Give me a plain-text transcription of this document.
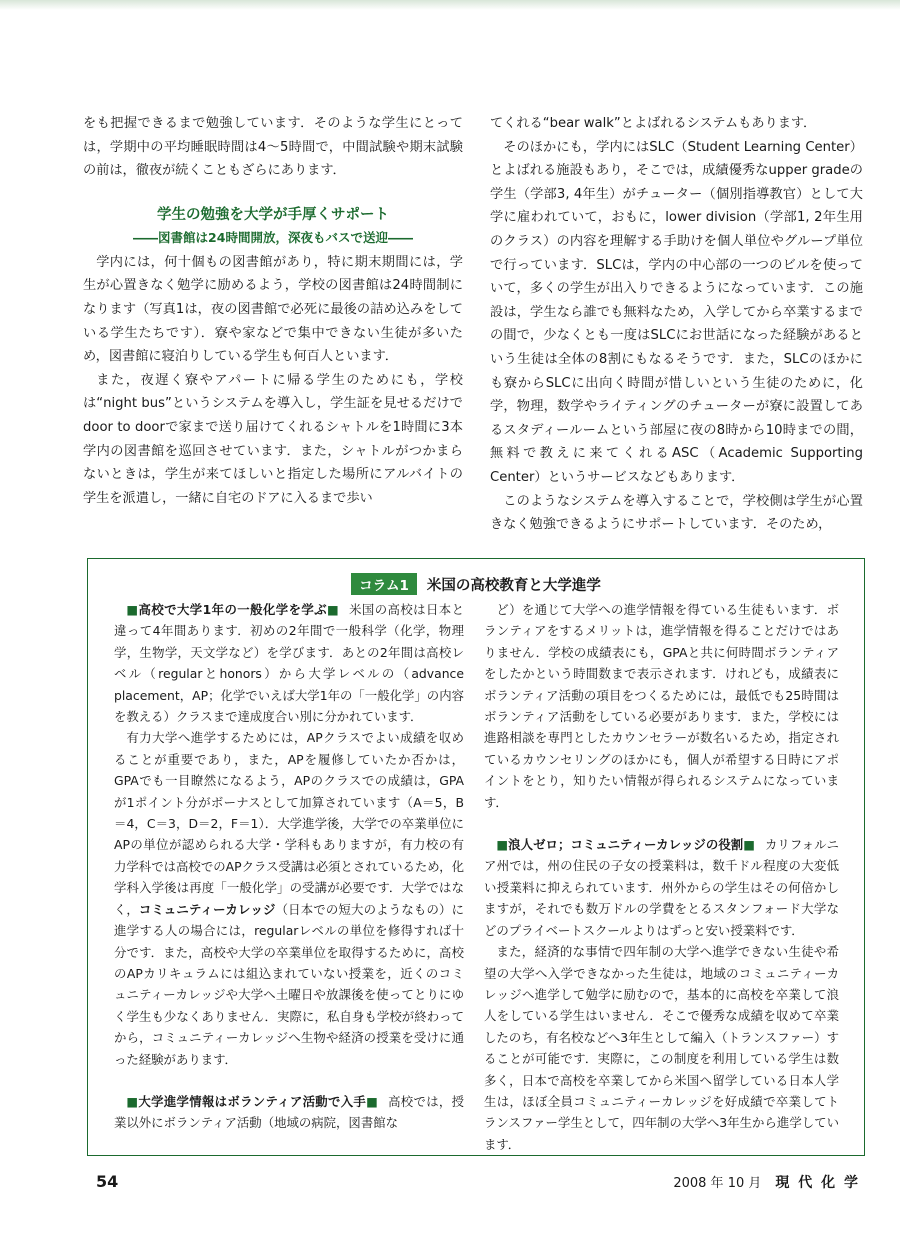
をも把握できるまで勉強しています．そのような学生にとっては，学期中の平均睡眠時間は4～5時間で，中間試験や期末試験の前は，徹夜が続くこともざらにあります．

学生の勉強を大学が手厚くサポート
――図書館は24時間開放，深夜もバスで送迎――

学内には，何十個もの図書館があり，特に期末期間には，学生が心置きなく勉学に励めるよう，学校の図書館は24時間制になります（写真1は，夜の図書館で必死に最後の詰め込みをしている学生たちです）．寮や家などで集中できない生徒が多いため，図書館に寝泊りしている学生も何百人といます．

また，夜遅く寮やアパートに帰る学生のためにも，学校は“night bus”というシステムを導入し，学生証を見せるだけでdoor to doorで家まで送り届けてくれるシャトルを1時間に3本学内の図書館を巡回させています．また，シャトルがつかまらないときは，学生が来てほしいと指定した場所にアルバイトの学生を派遣し，一緒に自宅のドアに入るまで歩い

てくれる“bear walk”とよばれるシステムもあります．

そのほかにも，学内にはSLC（Student Learning Center）とよばれる施設もあり，そこでは，成績優秀なupper gradeの学生（学部3, 4年生）がチューター（個別指導教官）として大学に雇われていて，おもに，lower division（学部1, 2年生用のクラス）の内容を理解する手助けを個人単位やグループ単位で行っています．SLCは，学内の中心部の一つのビルを使っていて，多くの学生が出入りできるようになっています．この施設は，学生なら誰でも無料なため，入学してから卒業するまでの間で，少なくとも一度はSLCにお世話になった経験があるという生徒は全体の8割にもなるそうです．また，SLCのほかにも寮からSLCに出向く時間が惜しいという生徒のために，化学，物理，数学やライティングのチューターが寮に設置してあるスタディールームという部屋に夜の8時から10時までの間，無料で教えに来てくれるASC（Academic Supporting Center）というサービスなどもあります．

このようなシステムを導入することで，学校側は学生が心置きなく勉強できるようにサポートしています．そのため，

コラム1 米国の高校教育と大学進学

■ 高校で大学1年の一般化学を学ぶ ■ 米国の高校は日本と違って4年間あります．初めの2年間で一般科学（化学，物理学，生物学，天文学など）を学びます．あとの2年間は高校レベル（regularとhonors）から大学レベルの（advance placement，AP；化学でいえば大学1年の「一般化学」の内容を教える）クラスまで達成度合い別に分かれています．

有力大学へ進学するためには，APクラスでよい成績を収めることが重要であり，また，APを履修していたか否かは，GPAでも一目瞭然になるよう，APのクラスでの成績は，GPAが1ポイント分がボーナスとして加算されています（A＝5，B＝4，C＝3，D＝2，F＝1）．大学進学後，大学での卒業単位にAPの単位が認められる大学・学科もありますが，有力校の有力学科では高校でのAPクラス受講は必須とされているため，化学科入学後は再度「一般化学」の受講が必要です．大学ではなく，コミュニティーカレッジ（日本での短大のようなもの）に進学する人の場合には，regularレベルの単位を修得すれば十分です．また，高校や大学の卒業単位を取得するために，高校のAPカリキュラムには組込まれていない授業を，近くのコミュニティーカレッジや大学へ土曜日や放課後を使ってとりにゆく学生も少なくありません．実際に，私自身も学校が終わってから，コミュニティーカレッジへ生物や経済の授業を受けに通った経験があります．

■ 大学進学情報はボランティア活動で入手 ■ 高校では，授業以外にボランティア活動（地域の病院，図書館な

ど）を通じて大学への進学情報を得ている生徒もいます．ボランティアをするメリットは，進学情報を得ることだけではありません．学校の成績表にも，GPAと共に何時間ボランティアをしたかという時間数まで表示されます．けれども，成績表にボランティア活動の項目をつくるためには，最低でも25時間はボランティア活動をしている必要があります．また，学校には進路相談を専門としたカウンセラーが数名いるため，指定されているカウンセリングのほかにも，個人が希望する日時にアポイントをとり，知りたい情報が得られるシステムになっています．

■ 浪人ゼロ；コミュニティーカレッジの役割 ■ カリフォルニア州では，州の住民の子女の授業料は，数千ドル程度の大変低い授業料に抑えられています．州外からの学生はその何倍かしますが，それでも数万ドルの学費をとるスタンフォード大学などのプライベートスクールよりはずっと安い授業料です．

また，経済的な事情で四年制の大学へ進学できない生徒や希望の大学へ入学できなかった生徒は，地域のコミュニティーカレッジへ進学して勉学に励むので，基本的に高校を卒業して浪人をしている学生はいません．そこで優秀な成績を収めて卒業したのち，有名校などへ3年生として編入（トランスファー）することが可能です．実際に，この制度を利用している学生は数多く，日本で高校を卒業してから米国へ留学している日本人学生は，ほぼ全員コミュニティーカレッジを好成績で卒業してトランスファー学生として，四年制の大学へ3年生から進学しています．

54	2008 年 10 月 現 代 化 学
